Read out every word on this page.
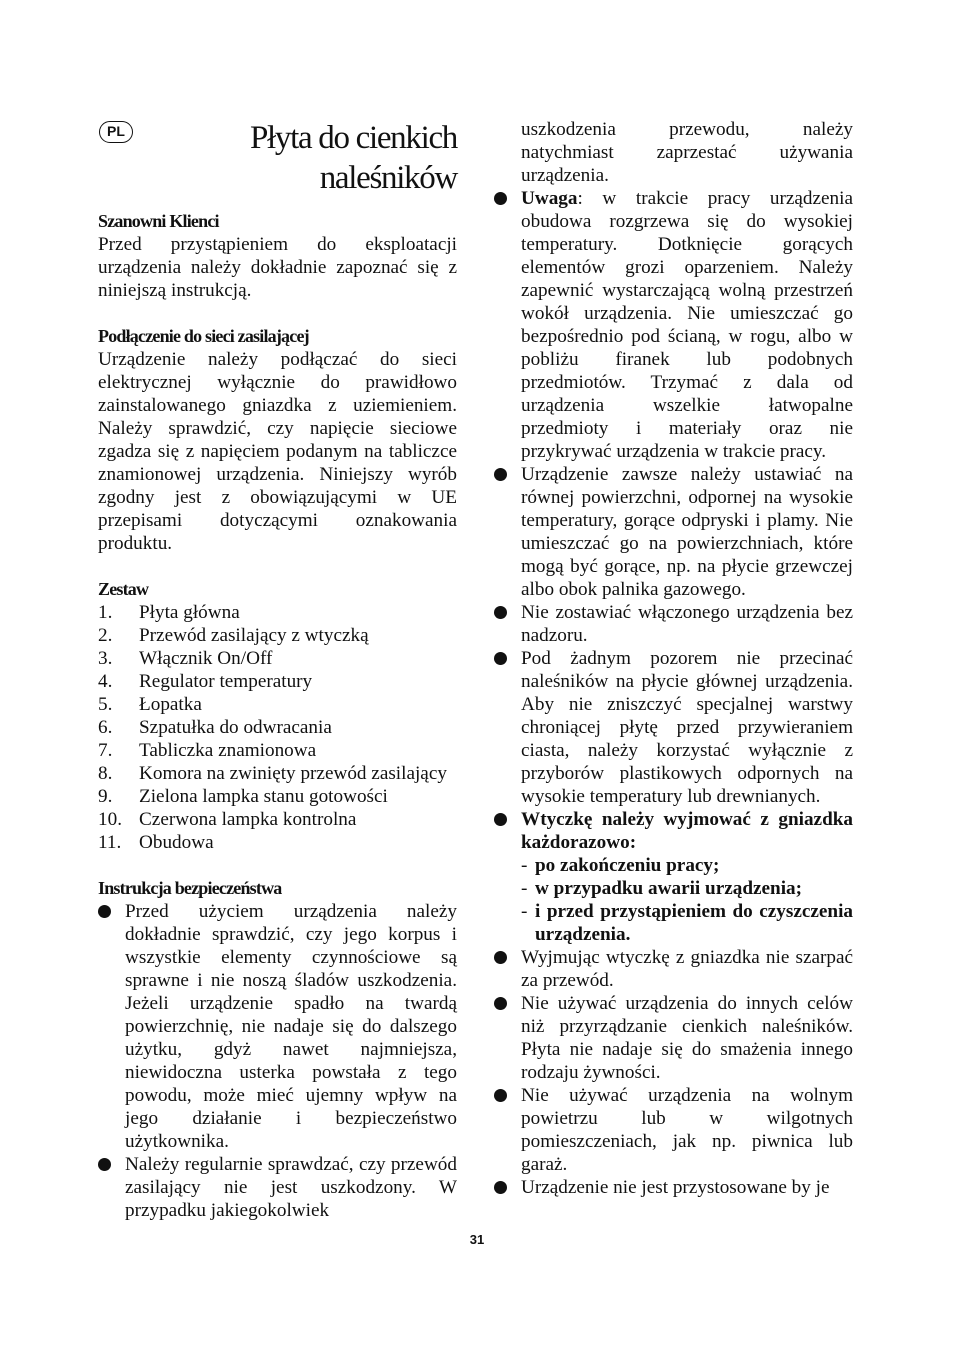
PL	Płyta do cienkich
naleśników
Szanowni Klienci

Przed przystąpieniem do eksploatacji urządzenia należy dokładnie zapoznać się z niniejszą instrukcją.

Podłączenie do sieci zasilającej

Urządzenie należy podłączać do sieci elektrycznej wyłącznie do prawidłowo zainstalowanego gniazdka z uziemieniem. Należy sprawdzić, czy napięcie sieciowe zgadza się z napięciem podanym na tabliczce znamionowej urządzenia. Niniejszy wyrób zgodny jest z obowiązującymi w UE przepisami dotyczącymi oznakowania produktu.

Zestaw
1. Płyta główna
2. Przewód zasilający z wtyczką
3. Włącznik On/Off
4. Regulator temperatury
5. Łopatka
6. Szpatułka do odwracania
7. Tabliczka znamionowa
8. Komora na zwinięty przewód zasilający
9. Zielona lampka stanu gotowości
10. Czerwona lampka kontrolna
11. Obudowa
Instrukcja bezpieczeństwa
Przed użyciem urządzenia należy dokładnie sprawdzić, czy jego korpus i wszystkie elementy czynnościowe są sprawne i nie noszą śladów uszkodzenia. Jeżeli urządzenie spadło na twardą powierzchnię, nie nadaje się do dalszego użytku, gdyż nawet najmniejsza, niewidoczna usterka powstała z tego powodu, może mieć ujemny wpływ na jego działanie i bezpieczeństwo użytkownika.
Należy regularnie sprawdzać, czy przewód zasilający nie jest uszkodzony. W przypadku jakiegokolwiek
uszkodzenia przewodu, należy natychmiast zaprzestać używania urządzenia.
Uwaga: w trakcie pracy urządzenia obudowa rozgrzewa się do wysokiej temperatury. Dotknięcie gorących elementów grozi oparzeniem. Należy zapewnić wystarczającą wolną przestrzeń wokół urządzenia. Nie umieszczać go bezpośrednio pod ścianą, w rogu, albo w pobliżu firanek lub podobnych przedmiotów. Trzymać z dala od urządzenia wszelkie łatwopalne przedmioty i materiały oraz nie przykrywać urządzenia w trakcie pracy.
Urządzenie zawsze należy ustawiać na równej powierzchni, odpornej na wysokie temperatury, gorące odpryski i plamy. Nie umieszczać go na powierzchniach, które mogą być gorące, np. na płycie grzewczej albo obok palnika gazowego.
Nie zostawiać włączonego urządzenia bez nadzoru.
Pod żadnym pozorem nie przecinać naleśników na płycie głównej urządzenia. Aby nie zniszczyć specjalnej warstwy chroniącej płytę przed przywieraniem ciasta, należy korzystać wyłącznie z przyborów plastikowych odpornych na wysokie temperatury lub drewnianych.
Wtyczkę należy wyjmować z gniazdka każdorazowo:
- po zakończeniu pracy;
- w przypadku awarii urządzenia;
- i przed przystąpieniem do czyszczenia urządzenia.
Wyjmując wtyczkę z gniazdka nie szarpać za przewód.
Nie używać urządzenia do innych celów niż przyrządzanie cienkich naleśników. Płyta nie nadaje się do smażenia innego rodzaju żywności.
Nie używać urządzenia na wolnym powietrzu lub w wilgotnych pomieszczeniach, jak np. piwnica lub garaż.
Urządzenie nie jest przystosowane by je
31
